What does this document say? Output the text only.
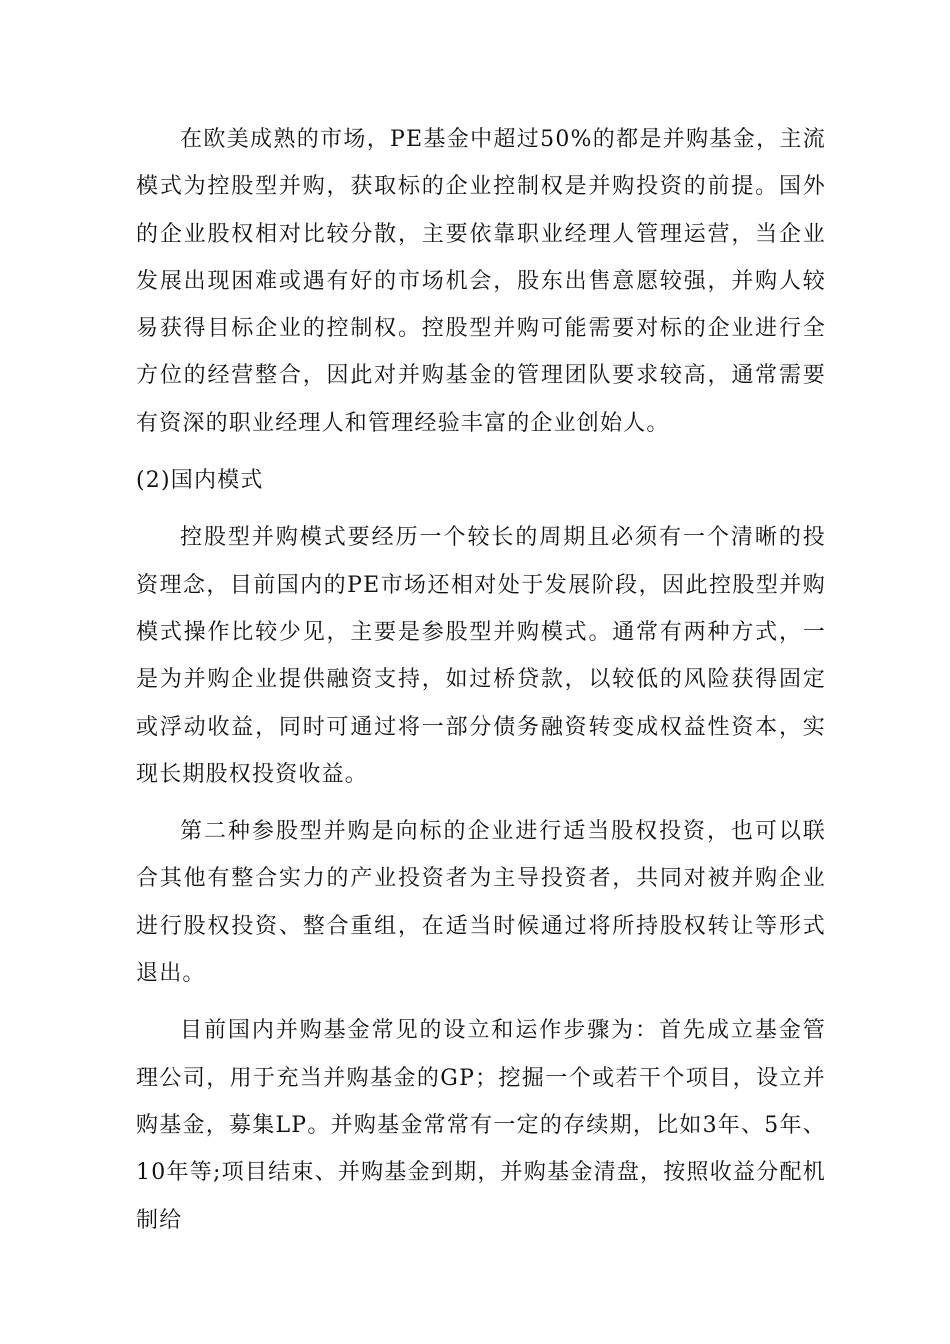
在欧美成熟的市场，PE基金中超过50%的都是并购基金，主流模式为控股型并购，获取标的企业控制权是并购投资的前提。国外的企业股权相对比较分散，主要依靠职业经理人管理运营，当企业发展出现困难或遇有好的市场机会，股东出售意愿较强，并购人较易获得目标企业的控制权。控股型并购可能需要对标的企业进行全方位的经营整合，因此对并购基金的管理团队要求较高，通常需要有资深的职业经理人和管理经验丰富的企业创始人。

(2)国内模式

控股型并购模式要经历一个较长的周期且必须有一个清晰的投资理念，目前国内的PE市场还相对处于发展阶段，因此控股型并购模式操作比较少见，主要是参股型并购模式。通常有两种方式，一是为并购企业提供融资支持，如过桥贷款，以较低的风险获得固定或浮动收益，同时可通过将一部分债务融资转变成权益性资本，实现长期股权投资收益。

第二种参股型并购是向标的企业进行适当股权投资，也可以联合其他有整合实力的产业投资者为主导投资者，共同对被并购企业进行股权投资、整合重组，在适当时候通过将所持股权转让等形式退出。

目前国内并购基金常见的设立和运作步骤为：首先成立基金管理公司，用于充当并购基金的GP；挖掘一个或若干个项目，设立并购基金，募集LP。并购基金常常有一定的存续期，比如3年、5年、10年等;项目结束、并购基金到期，并购基金清盘，按照收益分配机制给
